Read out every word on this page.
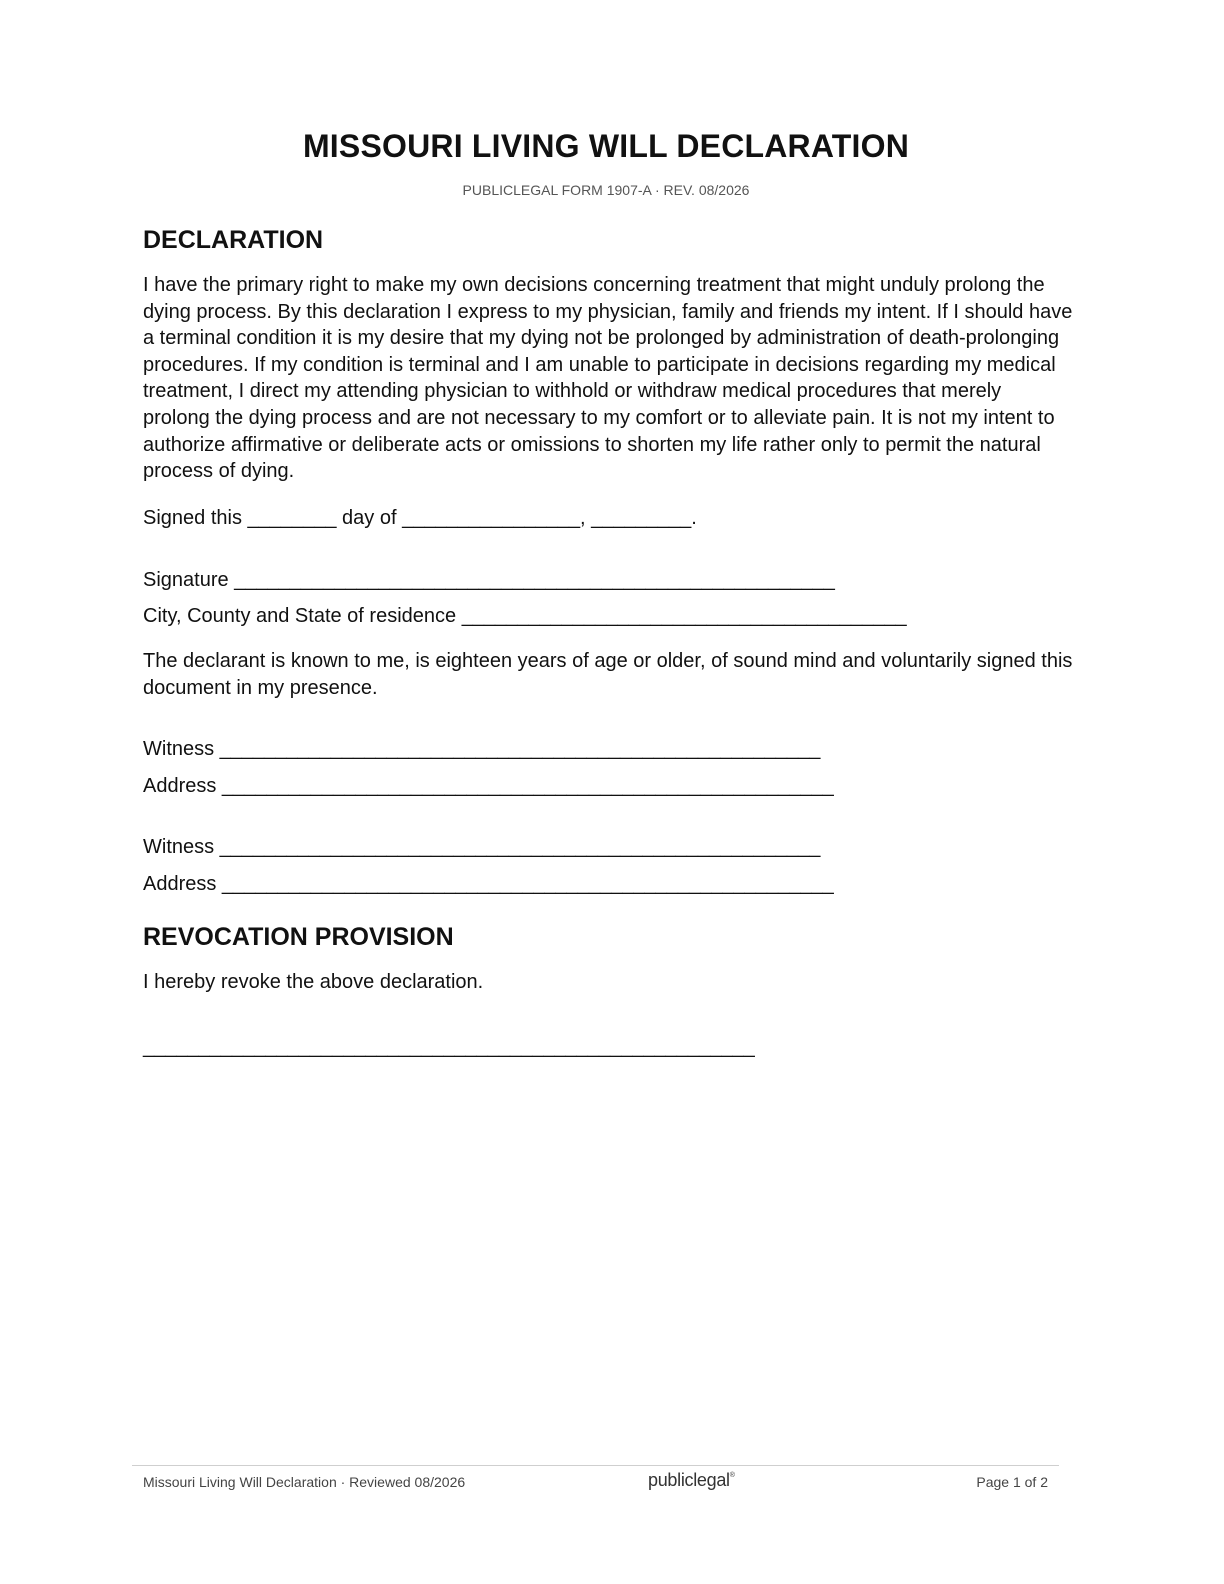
MISSOURI LIVING WILL DECLARATION
PUBLICLEGAL FORM 1907-A · REV. 08/2026
DECLARATION

I have the primary right to make my own decisions concerning treatment that might unduly prolong the dying process. By this declaration I express to my physician, family and friends my intent. If I should have a terminal condition it is my desire that my dying not be prolonged by administration of death-prolonging procedures. If my condition is terminal and I am unable to participate in decisions regarding my medical treatment, I direct my attending physician to withhold or withdraw medical procedures that merely prolong the dying process and are not necessary to my comfort or to alleviate pain. It is not my intent to authorize affirmative or deliberate acts or omissions to shorten my life rather only to permit the natural process of dying.

Signed this ________ day of ________________, _________.
Signature ______________________________________________________
City, County and State of residence ________________________________________

The declarant is known to me, is eighteen years of age or older, of sound mind and voluntarily signed this document in my presence.

Witness ______________________________________________________
Address _______________________________________________________
Witness ______________________________________________________
Address _______________________________________________________
REVOCATION PROVISION
I hereby revoke the above declaration.
_______________________________________________________
Missouri Living Will Declaration · Reviewed 08/2026	publiclegal®	Page 1 of 2
